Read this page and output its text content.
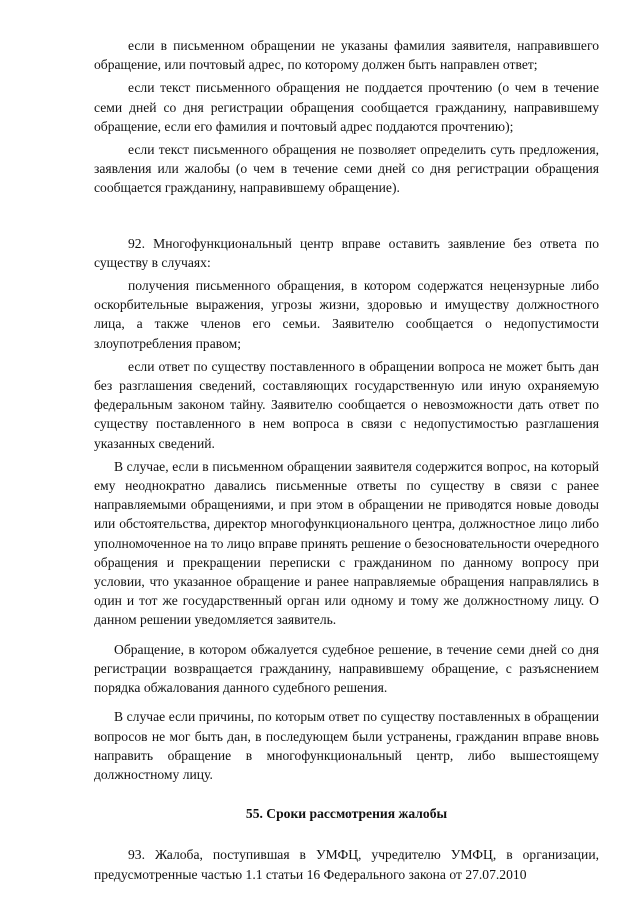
если в письменном обращении не указаны фамилия заявителя, направившего обращение, или почтовый адрес, по которому должен быть направлен ответ;

если текст письменного обращения не поддается прочтению (о чем в течение семи дней со дня регистрации обращения сообщается гражданину, направившему обращение, если его фамилия и почтовый адрес поддаются прочтению);

если текст письменного обращения не позволяет определить суть предложения, заявления или жалобы (о чем в течение семи дней со дня регистрации обращения сообщается гражданину, направившему обращение).

92. Многофункциональный центр вправе оставить заявление без ответа по существу в случаях:

получения письменного обращения, в котором содержатся нецензурные либо оскорбительные выражения, угрозы жизни, здоровью и имуществу должностного лица, а также членов его семьи. Заявителю сообщается о недопустимости злоупотребления правом;

если ответ по существу поставленного в обращении вопроса не может быть дан без разглашения сведений, составляющих государственную или иную охраняемую федеральным законом тайну. Заявителю сообщается о невозможности дать ответ по существу поставленного в нем вопроса в связи с недопустимостью разглашения указанных сведений.

В случае, если в письменном обращении заявителя содержится вопрос, на который ему неоднократно давались письменные ответы по существу в связи с ранее направляемыми обращениями, и при этом в обращении не приводятся новые доводы или обстоятельства, директор многофункционального центра, должностное лицо либо уполномоченное на то лицо вправе принять решение о безосновательности очередного обращения и прекращении переписки с гражданином по данному вопросу при условии, что указанное обращение и ранее направляемые обращения направлялись в один и тот же государственный орган или одному и тому же должностному лицу. О данном решении уведомляется заявитель.

Обращение, в котором обжалуется судебное решение, в течение семи дней со дня регистрации возвращается гражданину, направившему обращение, с разъяснением порядка обжалования данного судебного решения.

В случае если причины, по которым ответ по существу поставленных в обращении вопросов не мог быть дан, в последующем были устранены, гражданин вправе вновь направить обращение в многофункциональный центр, либо вышестоящему должностному лицу.

55. Сроки рассмотрения жалобы

93. Жалоба, поступившая в УМФЦ, учредителю УМФЦ, в организации, предусмотренные частью 1.1 статьи 16 Федерального закона от 27.07.2010
